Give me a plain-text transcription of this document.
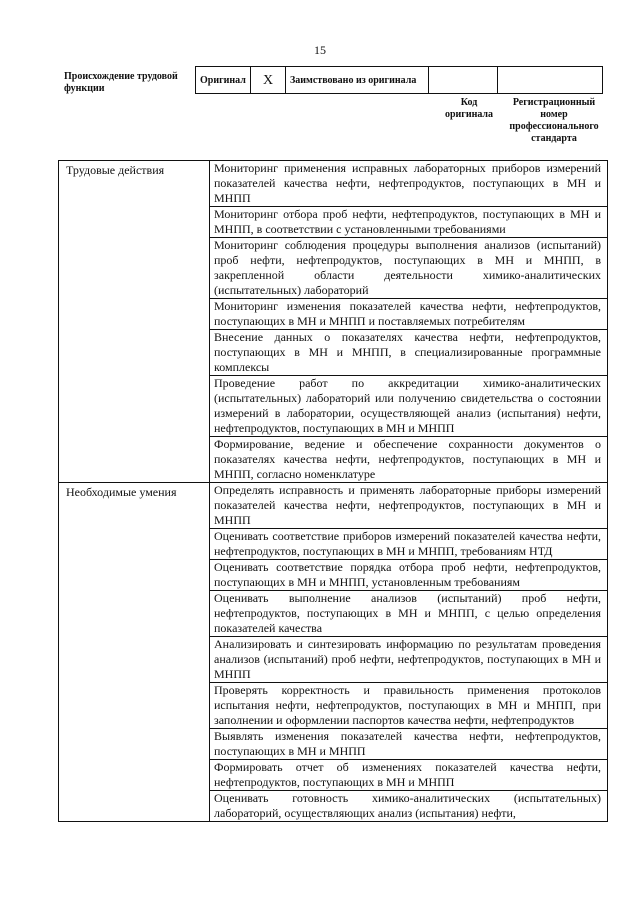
15
Происхождение трудовой функции
Оригинал	X	Заимствовано из оригинала		
Код оригинала
Регистрационный номер профессионального стандарта
Трудовые действия	Мониторинг применения исправных лабораторных приборов измерений показателей качества нефти, нефтепродуктов, поступающих в МН и МНПП
	Мониторинг отбора проб нефти, нефтепродуктов, поступающих в МН и МНПП, в соответствии с установленными требованиями
	Мониторинг соблюдения процедуры выполнения анализов (испытаний) проб нефти, нефтепродуктов, поступающих в МН и МНПП, в закрепленной области деятельности химико-аналитических (испытательных) лабораторий
	Мониторинг изменения показателей качества нефти, нефтепродуктов, поступающих в МН и МНПП и поставляемых потребителям
	Внесение данных о показателях качества нефти, нефтепродуктов, поступающих в МН и МНПП, в специализированные программные комплексы
	Проведение работ по аккредитации химико-аналитических (испытательных) лабораторий или получению свидетельства о состоянии измерений в лаборатории, осуществляющей анализ (испытания) нефти, нефтепродуктов, поступающих в МН и МНПП
	Формирование, ведение и обеспечение сохранности документов о показателях качества нефти, нефтепродуктов, поступающих в МН и МНПП, согласно номенклатуре
Необходимые умения	Определять исправность и применять лабораторные приборы измерений показателей качества нефти, нефтепродуктов, поступающих в МН и МНПП
	Оценивать соответствие приборов измерений показателей качества нефти, нефтепродуктов, поступающих в МН и МНПП, требованиям НТД
	Оценивать соответствие порядка отбора проб нефти, нефтепродуктов, поступающих в МН и МНПП, установленным требованиям
	Оценивать выполнение анализов (испытаний) проб нефти, нефтепродуктов, поступающих в МН и МНПП, с целью определения показателей качества
	Анализировать и синтезировать информацию по результатам проведения анализов (испытаний) проб нефти, нефтепродуктов, поступающих в МН и МНПП
	Проверять корректность и правильность применения протоколов испытания нефти, нефтепродуктов, поступающих в МН и МНПП, при заполнении и оформлении паспортов качества нефти, нефтепродуктов
	Выявлять изменения показателей качества нефти, нефтепродуктов, поступающих в МН и МНПП
	Формировать отчет об изменениях показателей качества нефти, нефтепродуктов, поступающих в МН и МНПП
	Оценивать готовность химико-аналитических (испытательных) лабораторий, осуществляющих анализ (испытания) нефти,
